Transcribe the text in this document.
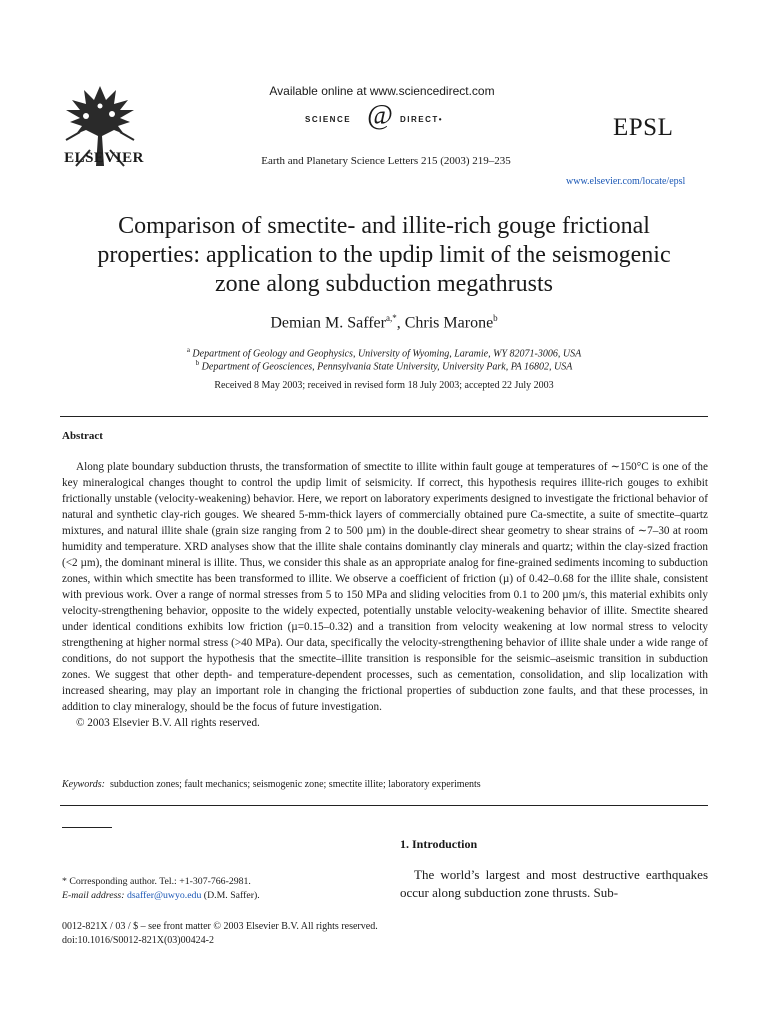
ELSEVIER
Available online at www.sciencedirect.com
SCIENCE @ DIRECT•
Earth and Planetary Science Letters 215 (2003) 219–235
EPSL
www.elsevier.com/locate/epsl
Comparison of smectite- and illite-rich gouge frictional
properties: application to the updip limit of the seismogenic
zone along subduction megathrusts
Demian M. Saffer$^{a,*}$, Chris Marone$^b$
$^a$ Department of Geology and Geophysics, University of Wyoming, Laramie, WY 82071-3006, USA
$^b$ Department of Geosciences, Pennsylvania State University, University Park, PA 16802, USA
Received 8 May 2003; received in revised form 18 July 2003; accepted 22 July 2003
Abstract
Along plate boundary subduction thrusts, the transformation of smectite to illite within fault gouge at temperatures of ∼150°C is one of the key mineralogical changes thought to control the updip limit of seismicity. If correct, this hypothesis requires illite-rich gouges to exhibit frictionally unstable (velocity-weakening) behavior. Here, we report on laboratory experiments designed to investigate the frictional behavior of natural and synthetic clay-rich gouges. We sheared 5-mm-thick layers of commercially obtained pure Ca-smectite, a suite of smectite–quartz mixtures, and natural illite shale (grain size ranging from 2 to 500 µm) in the double-direct shear geometry to shear strains of ∼7–30 at room humidity and temperature. XRD analyses show that the illite shale contains dominantly clay minerals and quartz; within the clay-sized fraction (<2 µm), the dominant mineral is illite. Thus, we consider this shale as an appropriate analog for fine-grained sediments incoming to subduction zones, within which smectite has been transformed to illite. We observe a coefficient of friction (µ) of 0.42–0.68 for the illite shale, consistent with previous work. Over a range of normal stresses from 5 to 150 MPa and sliding velocities from 0.1 to 200 µm/s, this material exhibits only velocity-strengthening behavior, opposite to the widely expected, potentially unstable velocity-weakening behavior of illite. Smectite sheared under identical conditions exhibits low friction (µ=0.15–0.32) and a transition from velocity weakening at low normal stress to velocity strengthening at higher normal stress (>40 MPa). Our data, specifically the velocity-strengthening behavior of illite shale under a wide range of conditions, do not support the hypothesis that the smectite–illite transition is responsible for the seismic–aseismic transition in subduction zones. We suggest that other depth- and temperature-dependent processes, such as cementation, consolidation, and slip localization with increased shearing, may play an important role in changing the frictional properties of subduction zone faults, and that these processes, in addition to clay mineralogy, should be the focus of future investigation.
© 2003 Elsevier B.V. All rights reserved.
Keywords: subduction zones; fault mechanics; seismogenic zone; smectite illite; laboratory experiments
* Corresponding author. Tel.: +1-307-766-2981.
E-mail address: dsaffer@uwyo.edu (D.M. Saffer).
1. Introduction
The world’s largest and most destructive earthquakes occur along subduction zone thrusts. Sub-
0012-821X / 03 / $ – see front matter © 2003 Elsevier B.V. All rights reserved.
doi:10.1016/S0012-821X(03)00424-2
